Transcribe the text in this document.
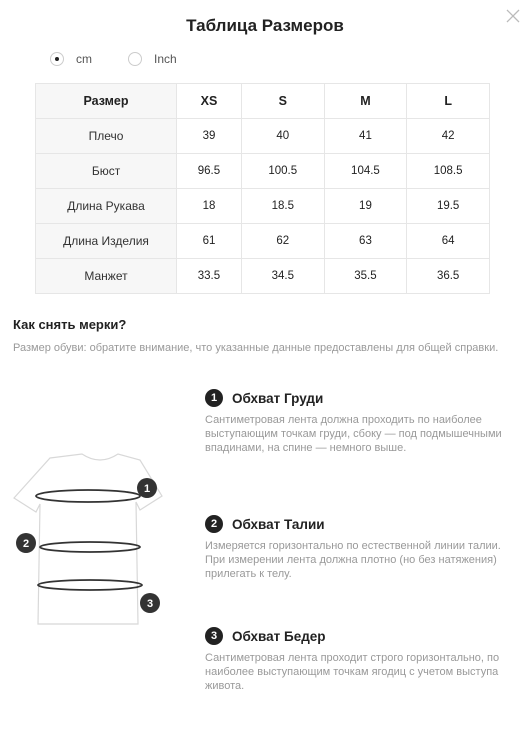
Таблица Размеров
cm	Inch
Размер	XS	S	M	L
Плечо	39	40	41	42
Бюст	96.5	100.5	104.5	108.5
Длина Рукава	18	18.5	19	19.5
Длина Изделия	61	62	63	64
Манжет	33.5	34.5	35.5	36.5
Как снять мерки?
Размер обуви: обратите внимание, что указанные данные предоставлены для общей справки.
1
2
3
1	Обхват Груди
Сантиметровая лента должна проходить по наиболее выступающим точкам груди, сбоку — под подмышечными впадинами, на спине — немного выше.
2	Обхват Талии
Измеряется горизонтально по естественной линии талии. При измерении лента должна плотно (но без натяжения) прилегать к телу.
3	Обхват Бедер
Сантиметровая лента проходит строго горизонтально, по наиболее выступающим точкам ягодиц с учетом выступа живота.
